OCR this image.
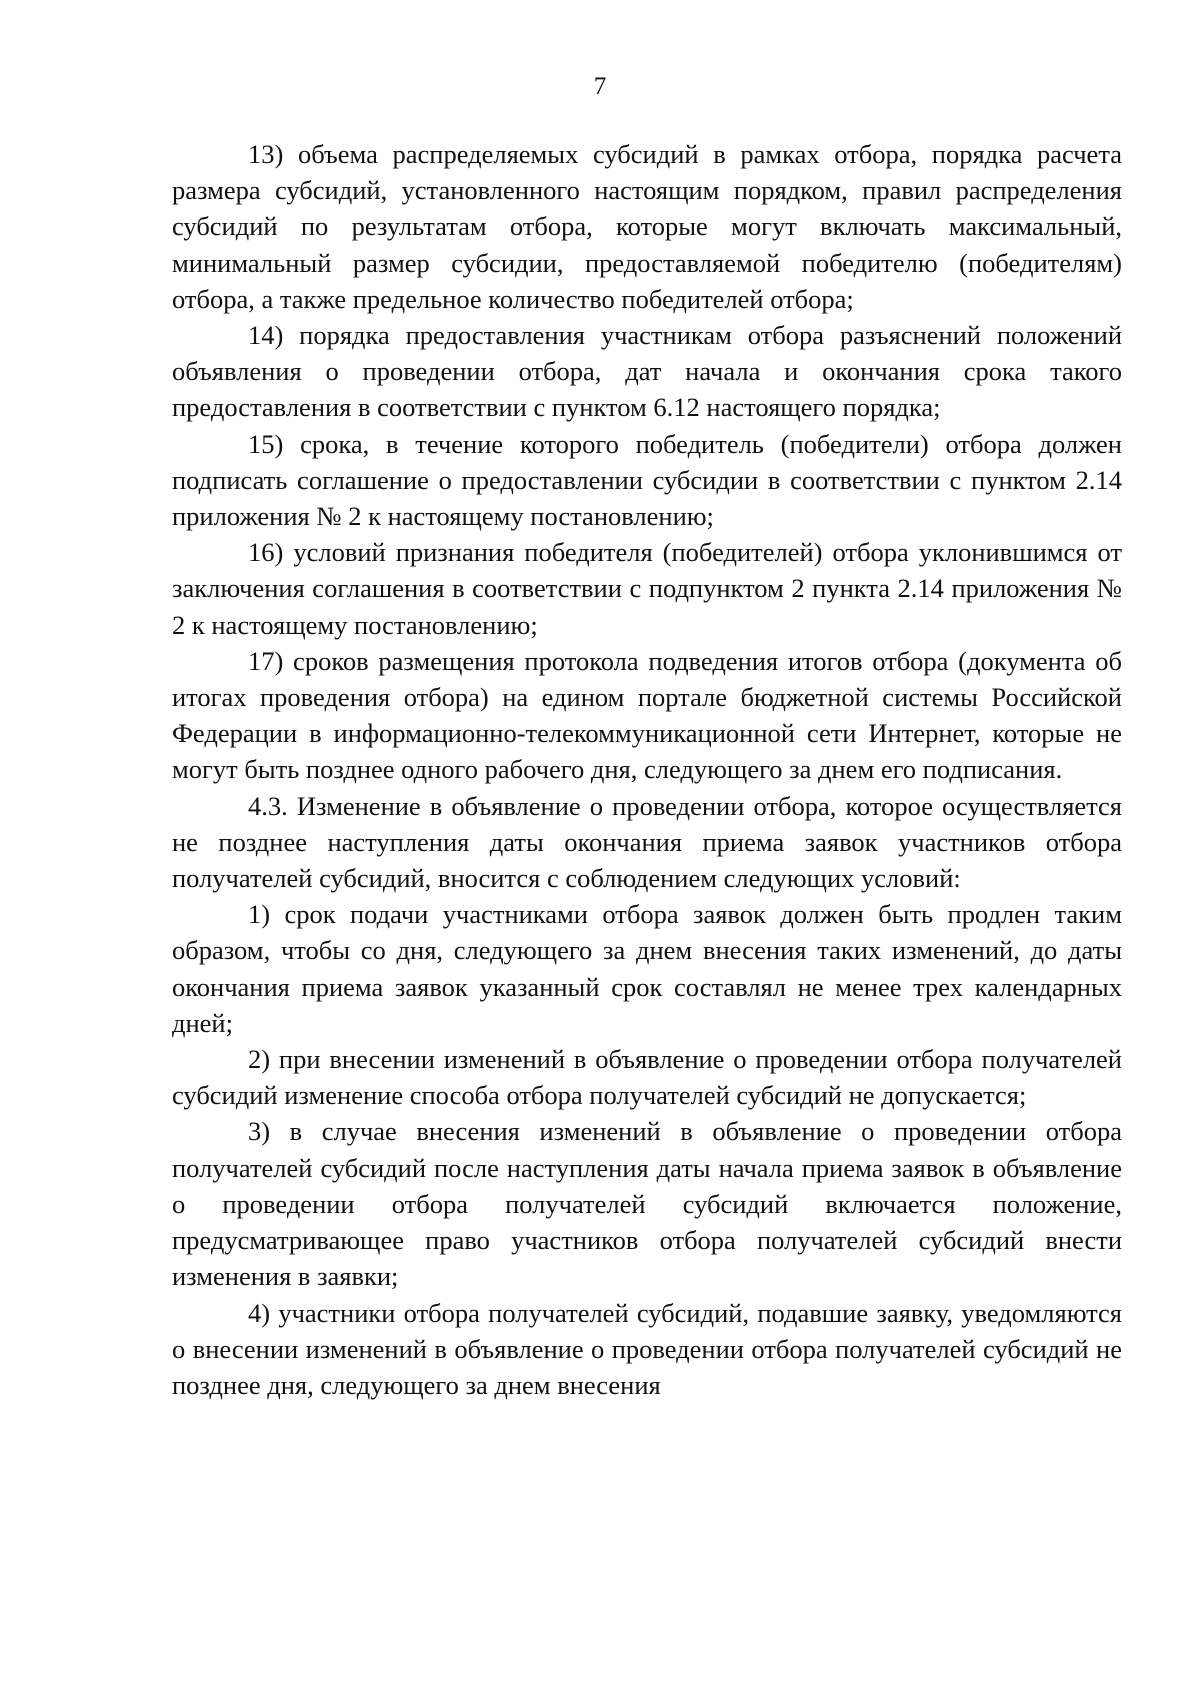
7

13) объема распределяемых субсидий в рамках отбора, порядка расчета размера субсидий, установленного настоящим порядком, правил распределения субсидий по результатам отбора, которые могут включать максимальный, минимальный размер субсидии, предоставляемой победителю (победителям) отбора, а также предельное количество победителей отбора;

14) порядка предоставления участникам отбора разъяснений положений объявления о проведении отбора, дат начала и окончания срока такого предоставления в соответствии с пунктом 6.12 настоящего порядка;

15) срока, в течение которого победитель (победители) отбора должен подписать соглашение о предоставлении субсидии в соответствии с пунктом 2.14 приложения № 2 к настоящему постановлению;

16) условий признания победителя (победителей) отбора уклонившимся от заключения соглашения в соответствии с подпунктом 2 пункта 2.14 приложения № 2 к настоящему постановлению;

17) сроков размещения протокола подведения итогов отбора (документа об итогах проведения отбора) на едином портале бюджетной системы Российской Федерации в информационно-телекоммуникационной сети Интернет, которые не могут быть позднее одного рабочего дня, следующего за днем его подписания.

4.3. Изменение в объявление о проведении отбора, которое осуществляется не позднее наступления даты окончания приема заявок участников отбора получателей субсидий, вносится с соблюдением следующих условий:

1) срок подачи участниками отбора заявок должен быть продлен таким образом, чтобы со дня, следующего за днем внесения таких изменений, до даты окончания приема заявок указанный срок составлял не менее трех календарных дней;

2) при внесении изменений в объявление о проведении отбора получателей субсидий изменение способа отбора получателей субсидий не допускается;

3) в случае внесения изменений в объявление о проведении отбора получателей субсидий после наступления даты начала приема заявок в объявление о проведении отбора получателей субсидий включается положение, предусматривающее право участников отбора получателей субсидий внести изменения в заявки;

4) участники отбора получателей субсидий, подавшие заявку, уведомляются о внесении изменений в объявление о проведении отбора получателей субсидий не позднее дня, следующего за днем внесения
